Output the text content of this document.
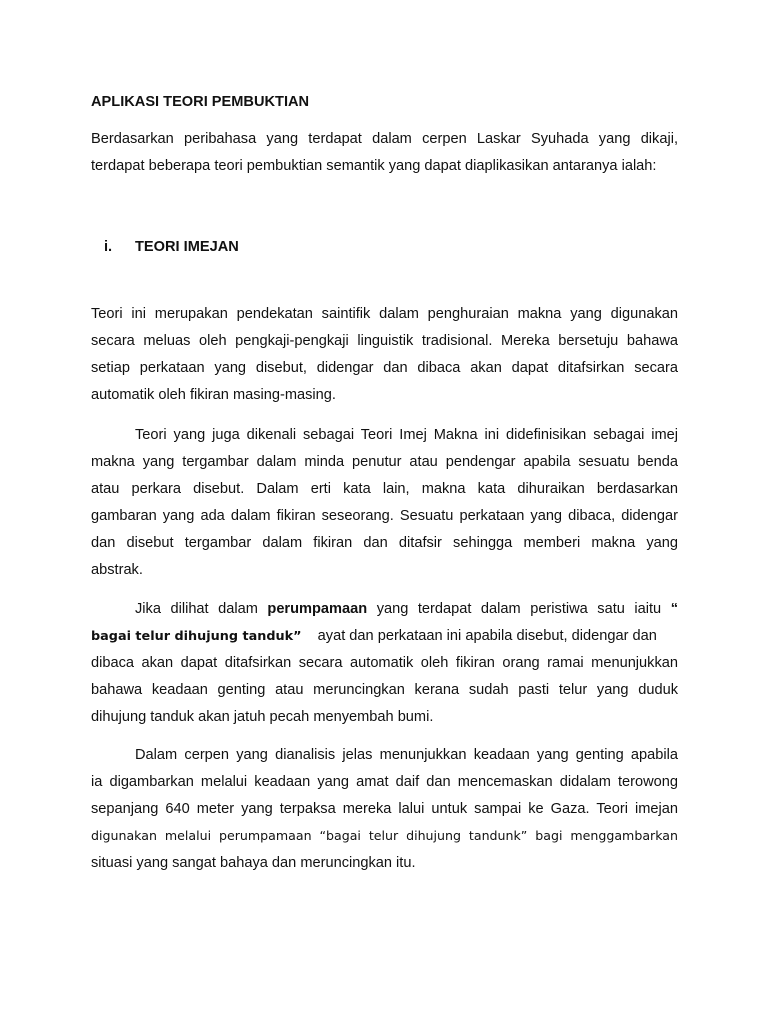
APLIKASI TEORI PEMBUKTIAN
Berdasarkan peribahasa yang terdapat dalam cerpen Laskar Syuhada yang dikaji,
terdapat beberapa teori pembuktian semantik yang dapat diaplikasikan antaranya ialah:
i. TEORI IMEJAN
Teori ini merupakan pendekatan saintifik dalam penghuraian makna yang digunakan
secara meluas oleh pengkaji-pengkaji linguistik tradisional. Mereka bersetuju bahawa
setiap perkataan yang disebut, didengar dan dibaca akan dapat ditafsirkan secara
automatik oleh fikiran masing-masing.
Teori yang juga dikenali sebagai Teori Imej Makna ini didefinisikan sebagai imej
makna yang tergambar dalam minda penutur atau pendengar apabila sesuatu benda
atau perkara disebut. Dalam erti kata lain, makna kata dihuraikan berdasarkan
gambaran yang ada dalam fikiran seseorang. Sesuatu perkataan yang dibaca, didengar
dan disebut tergambar dalam fikiran dan ditafsir sehingga memberi makna yang
abstrak.
Jika dilihat dalam perumpamaan yang terdapat dalam peristiwa satu iaitu “
bagai telur dihujung tanduk” ayat dan perkataan ini apabila disebut, didengar dan
dibaca akan dapat ditafsirkan secara automatik oleh fikiran orang ramai menunjukkan
bahawa keadaan genting atau meruncingkan kerana sudah pasti telur yang duduk
dihujung tanduk akan jatuh pecah menyembah bumi.
Dalam cerpen yang dianalisis jelas menunjukkan keadaan yang genting apabila
ia digambarkan melalui keadaan yang amat daif dan mencemaskan didalam terowong
sepanjang 640 meter yang terpaksa mereka lalui untuk sampai ke Gaza. Teori imejan
digunakan melalui perumpamaan “bagai telur dihujung tandunk” bagi menggambarkan
situasi yang sangat bahaya dan meruncingkan itu.
